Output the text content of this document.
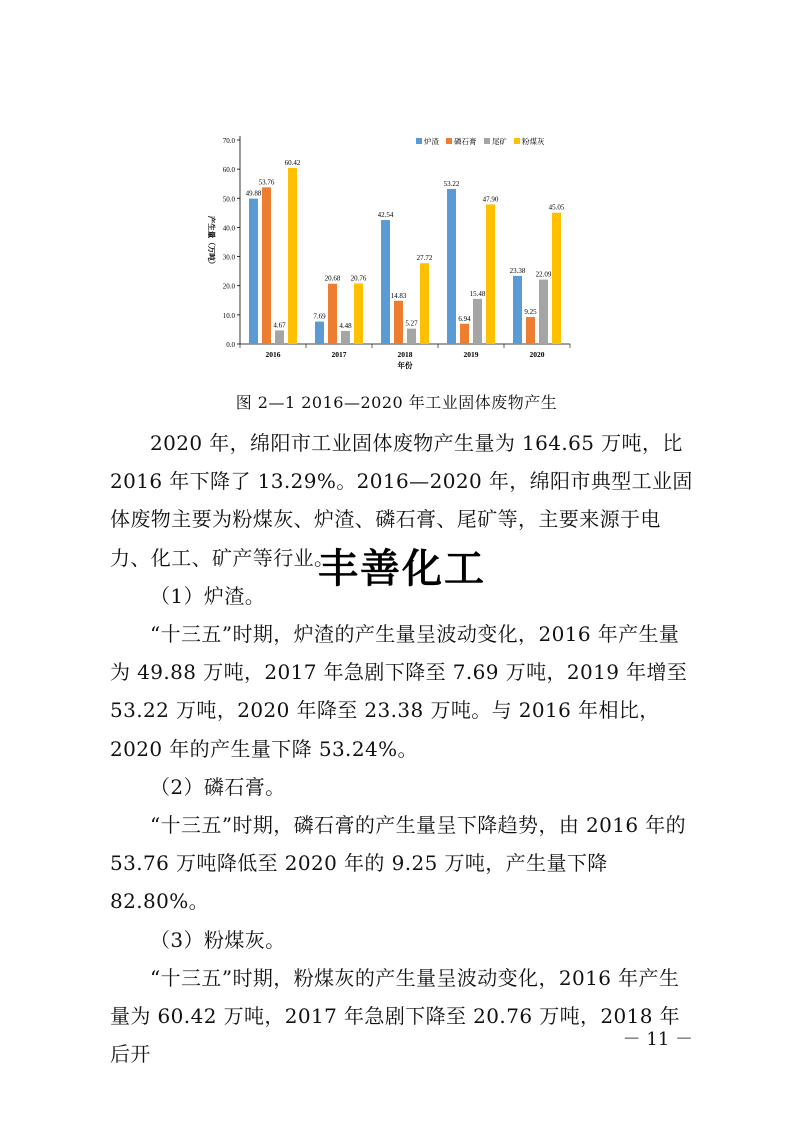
0.0
10.0
20.0
30.0
40.0
50.0
60.0
70.0
产生量（万吨）
49.88
53.76
4.67
60.42
2016
7.69
20.68
4.48
20.76
2017
42.54
14.83
5.27
27.72
2018
53.22
6.94
15.48
47.90
2019
23.38
9.25
22.09
45.05
2020
年份
炉渣 磷石膏 尾矿 粉煤灰
图 2—1 2016—2020 年工业固体废物产生

2020 年，绵阳市工业固体废物产生量为 164.65 万吨，比 2016 年下降了 13.29%。2016—2020 年，绵阳市典型工业固体废物主要为粉煤灰、炉渣、磷石膏、尾矿等，主要来源于电力、化工、矿产等行业。

（1）炉渣。

“十三五”时期，炉渣的产生量呈波动变化，2016 年产生量为 49.88 万吨，2017 年急剧下降至 7.69 万吨，2019 年增至 53.22 万吨，2020 年降至 23.38 万吨。与 2016 年相比，2020 年的产生量下降 53.24%。

（2）磷石膏。

“十三五”时期，磷石膏的产生量呈下降趋势，由 2016 年的 53.76 万吨降低至 2020 年的 9.25 万吨，产生量下降 82.80%。

（3）粉煤灰。

“十三五”时期，粉煤灰的产生量呈波动变化，2016 年产生量为 60.42 万吨，2017 年急剧下降至 20.76 万吨，2018 年后开

丰善化工
－ 11 －
